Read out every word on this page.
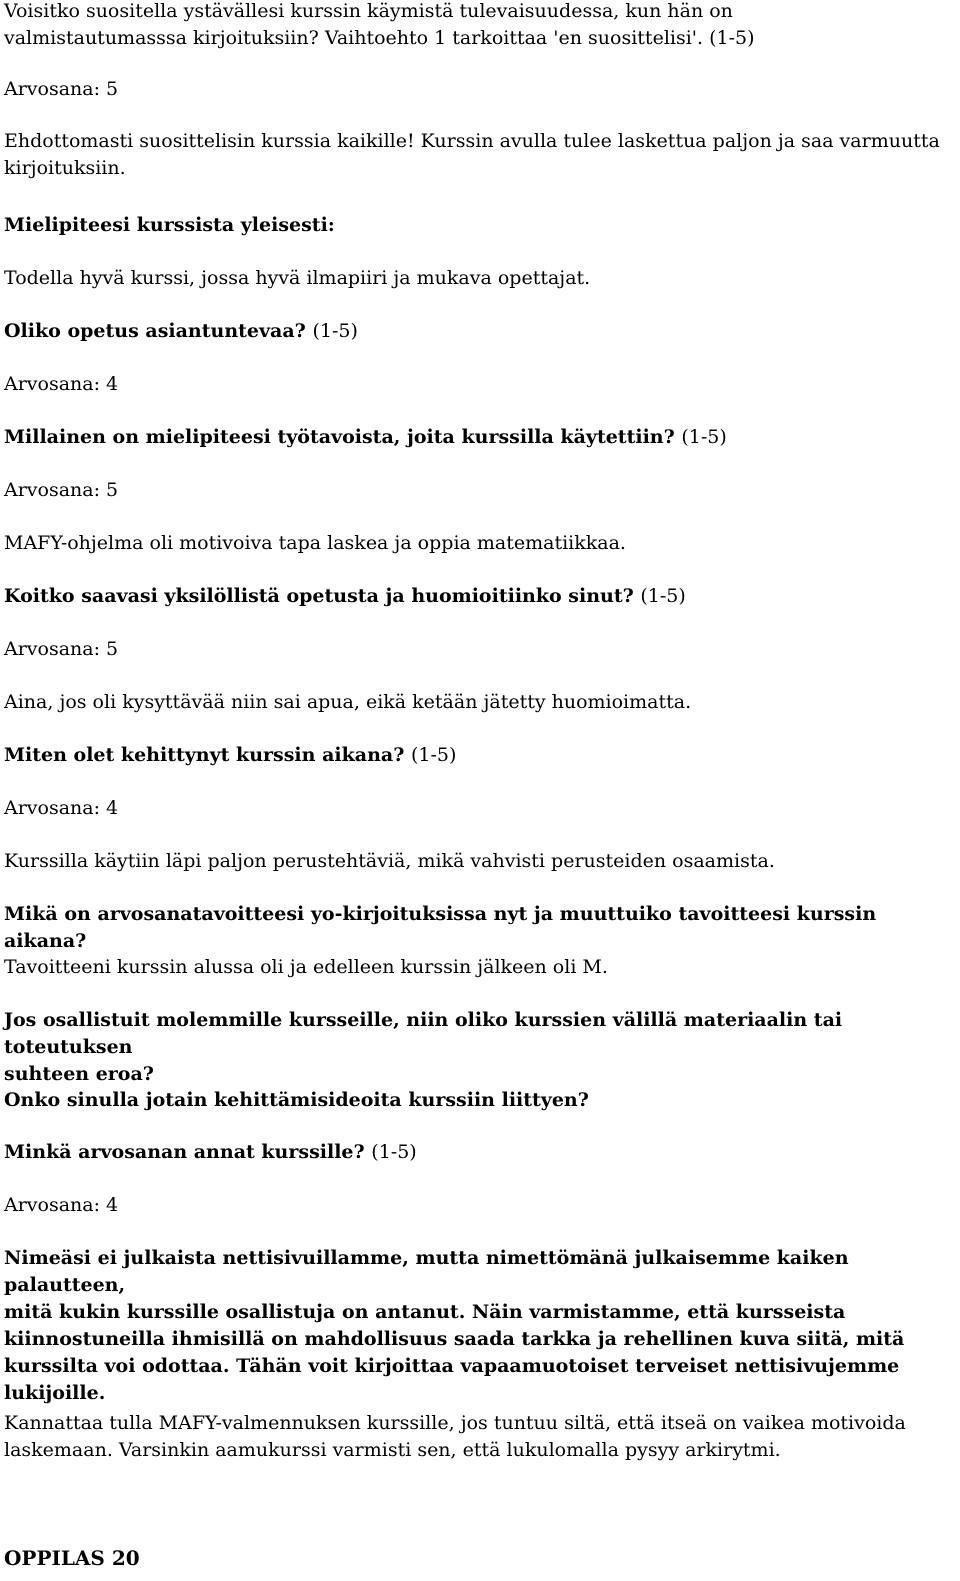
Voisitko suositella ystävällesi kurssin käymistä tulevaisuudessa, kun hän on
valmistautumasssa kirjoituksiin? Vaihtoehto 1 tarkoittaa 'en suosittelisi'. (1-5)
Arvosana: 5
Ehdottomasti suosittelisin kurssia kaikille! Kurssin avulla tulee laskettua paljon ja saa varmuutta
kirjoituksiin.
Mielipiteesi kurssista yleisesti:
Todella hyvä kurssi, jossa hyvä ilmapiiri ja mukava opettajat.
Oliko opetus asiantuntevaa? (1-5)
Arvosana: 4
Millainen on mielipiteesi työtavoista, joita kurssilla käytettiin? (1-5)
Arvosana: 5
MAFY-ohjelma oli motivoiva tapa laskea ja oppia matematiikkaa.
Koitko saavasi yksilöllistä opetusta ja huomioitiinko sinut? (1-5)
Arvosana: 5
Aina, jos oli kysyttävää niin sai apua, eikä ketään jätetty huomioimatta.
Miten olet kehittynyt kurssin aikana? (1-5)
Arvosana: 4
Kurssilla käytiin läpi paljon perustehtäviä, mikä vahvisti perusteiden osaamista.
Mikä on arvosanatavoitteesi yo-kirjoituksissa nyt ja muuttuiko tavoitteesi kurssin aikana?
Tavoitteeni kurssin alussa oli ja edelleen kurssin jälkeen oli M.
Jos osallistuit molemmille kursseille, niin oliko kurssien välillä materiaalin tai toteutuksen
suhteen eroa?
Onko sinulla jotain kehittämisideoita kurssiin liittyen?
Minkä arvosanan annat kurssille? (1-5)
Arvosana: 4
Nimeäsi ei julkaista nettisivuillamme, mutta nimettömänä julkaisemme kaiken palautteen,
mitä kukin kurssille osallistuja on antanut. Näin varmistamme, että kursseista
kiinnostuneilla ihmisillä on mahdollisuus saada tarkka ja rehellinen kuva siitä, mitä
kurssilta voi odottaa. Tähän voit kirjoittaa vapaamuotoiset terveiset nettisivujemme
lukijoille.
Kannattaa tulla MAFY-valmennuksen kurssille, jos tuntuu siltä, että itseä on vaikea motivoida
laskemaan. Varsinkin aamukurssi varmisti sen, että lukulomalla pysyy arkirytmi.
OPPILAS 20
